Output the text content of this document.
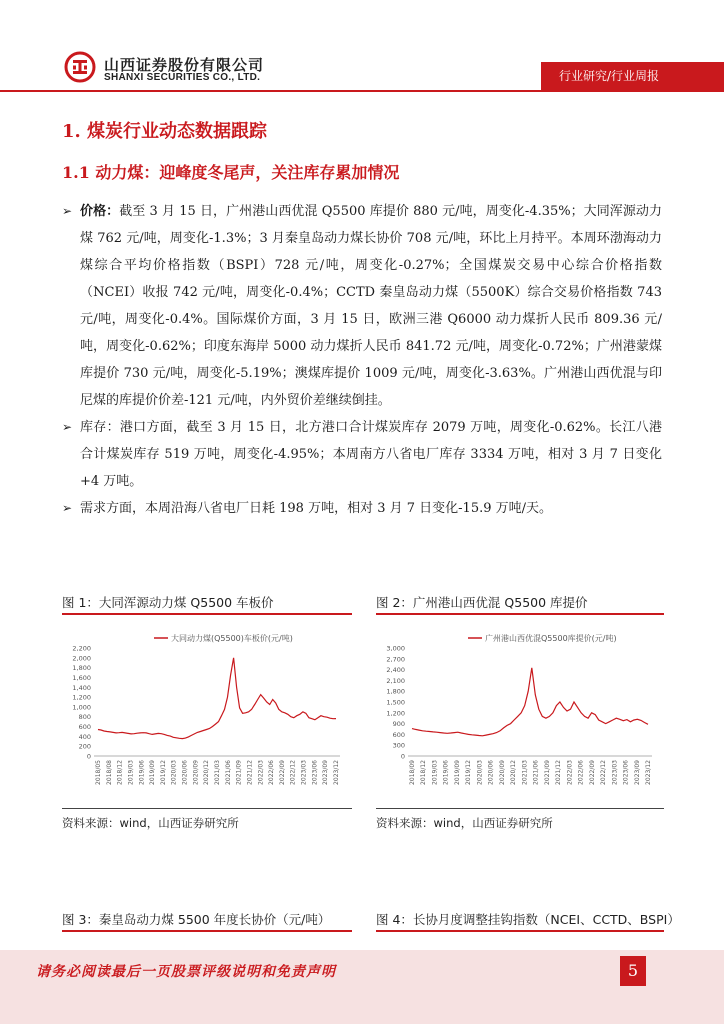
山西证券股份有限公司
SHANXI SECURITIES CO., LTD.	行业研究/行业周报
1. 煤炭行业动态数据跟踪
1.1 动力煤：迎峰度冬尾声，关注库存累加情况
➢ 价格：截至 3 月 15 日，广州港山西优混 Q5500 库提价 880 元/吨，周变化-4.35%；大同浑源动力煤 762 元/吨，周变化-1.3%；3 月秦皇岛动力煤长协价 708 元/吨，环比上月持平。本周环渤海动力煤综合平均价格指数（BSPI）728 元/吨，周变化-0.27%；全国煤炭交易中心综合价格指数（NCEI）收报 742 元/吨，周变化-0.4%；CCTD 秦皇岛动力煤（5500K）综合交易价格指数 743 元/吨，周变化-0.4%。国际煤价方面，3 月 15 日，欧洲三港 Q6000 动力煤折人民币 809.36 元/吨，周变化-0.62%；印度东海岸 5000 动力煤折人民币 841.72 元/吨，周变化-0.72%；广州港蒙煤库提价 730 元/吨，周变化-5.19%；澳煤库提价 1009 元/吨，周变化-3.63%。广州港山西优混与印尼煤的库提价价差-121 元/吨，内外贸价差继续倒挂。
➢ 库存：港口方面，截至 3 月 15 日，北方港口合计煤炭库存 2079 万吨，周变化-0.62%。长江八港合计煤炭库存 519 万吨，周变化-4.95%；本周南方八省电厂库存 3334 万吨，相对 3 月 7 日变化+4 万吨。
➢ 需求方面，本周沿海八省电厂日耗 198 万吨，相对 3 月 7 日变化-15.9 万吨/天。
图 1：大同浑源动力煤 Q5500 车板价
大同动力煤(Q5500)车板价(元/吨)
0
200
400
600
800
1,000
1,200
1,400
1,600
1,800
2,000
2,200
2018/05 2018/08 2018/12 2019/03 2019/06 2019/09 2019/12 2020/03 2020/06 2020/09 2020/12 2021/03 2021/06 2021/09 2021/12 2022/03 2022/06 2022/09 2022/12 2023/03 2023/06 2023/09 2023/12
资料来源：wind，山西证券研究所
图 2：广州港山西优混 Q5500 库提价
广州港山西优混Q5500库提价(元/吨)
0
300
600
900
1,200
1,500
1,800
2,100
2,400
2,700
3,000
2018/09 2018/12 2019/03 2019/06 2019/09 2019/12 2020/03 2020/06 2020/09 2020/12 2021/03 2021/06 2021/09 2021/12 2022/03 2022/06 2022/09 2022/12 2023/03 2023/06 2023/09 2023/12
资料来源：wind，山西证券研究所
图 3：秦皇岛动力煤 5500 年度长协价（元/吨）	图 4：长协月度调整挂钩指数（NCEI、CCTD、BSPI）
请务必阅读最后一页股票评级说明和免责声明	5
